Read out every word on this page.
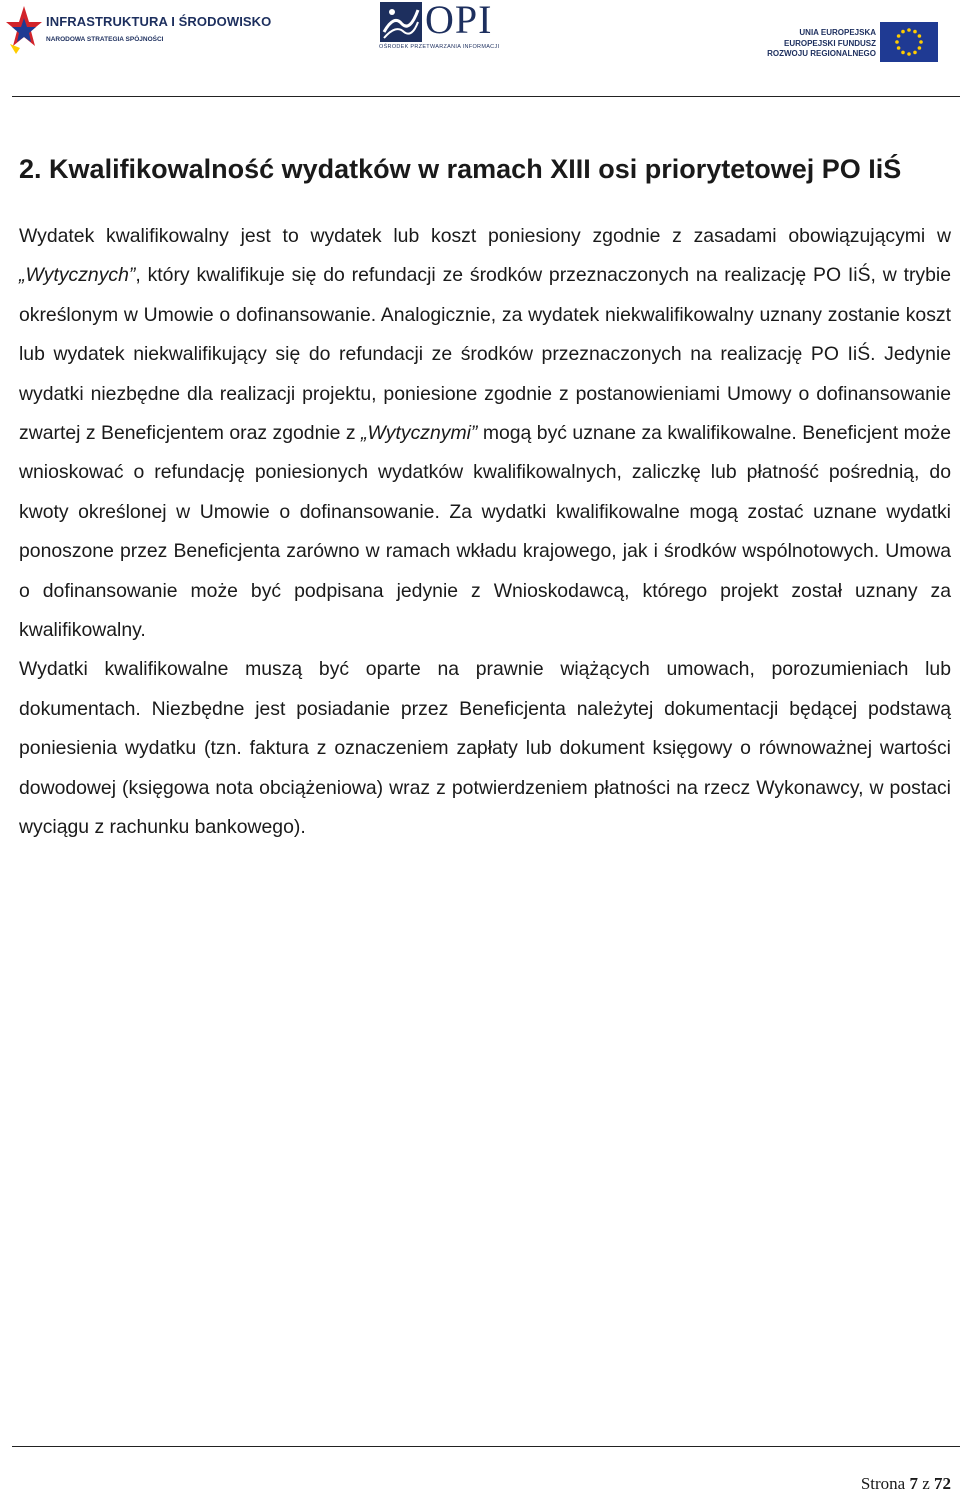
INFRASTRUKTURA I ŚRODOWISKO
NARODOWA STRATEGIA SPÓJNOŚCI	OPI
OŚRODEK PRZETWARZANIA INFORMACJI
UNIA EUROPEJSKA
EUROPEJSKI FUNDUSZ
ROZWOJU REGIONALNEGO
2. Kwalifikowalność wydatków w ramach XIII osi priorytetowej PO IiŚ

Wydatek kwalifikowalny jest to wydatek lub koszt poniesiony zgodnie z zasadami obowiązującymi w „Wytycznych”, który kwalifikuje się do refundacji ze środków przeznaczonych na realizację PO IiŚ, w trybie określonym w Umowie o dofinansowanie. Analogicznie, za wydatek niekwalifikowalny uznany zostanie koszt lub wydatek niekwalifikujący się do refundacji ze środków przeznaczonych na realizację PO IiŚ. Jedynie wydatki niezbędne dla realizacji projektu, poniesione zgodnie z postanowieniami Umowy o dofinansowanie zwartej z Beneficjentem oraz zgodnie z „Wytycznymi” mogą być uznane za kwalifikowalne. Beneficjent może wnioskować o refundację poniesionych wydatków kwalifikowalnych, zaliczkę lub płatność pośrednią, do kwoty określonej w Umowie o dofinansowanie. Za wydatki kwalifikowalne mogą zostać uznane wydatki ponoszone przez Beneficjenta zarówno w ramach wkładu krajowego, jak i środków wspólnotowych. Umowa o dofinansowanie może być podpisana jedynie z Wnioskodawcą, którego projekt został uznany za kwalifikowalny.

Wydatki kwalifikowalne muszą być oparte na prawnie wiążących umowach, porozumieniach lub dokumentach. Niezbędne jest posiadanie przez Beneficjenta należytej dokumentacji będącej podstawą poniesienia wydatku (tzn. faktura z oznaczeniem zapłaty lub dokument księgowy o równoważnej wartości dowodowej (księgowa nota obciążeniowa) wraz z potwierdzeniem płatności na rzecz Wykonawcy, w postaci wyciągu z rachunku bankowego).

Strona 7 z 72
